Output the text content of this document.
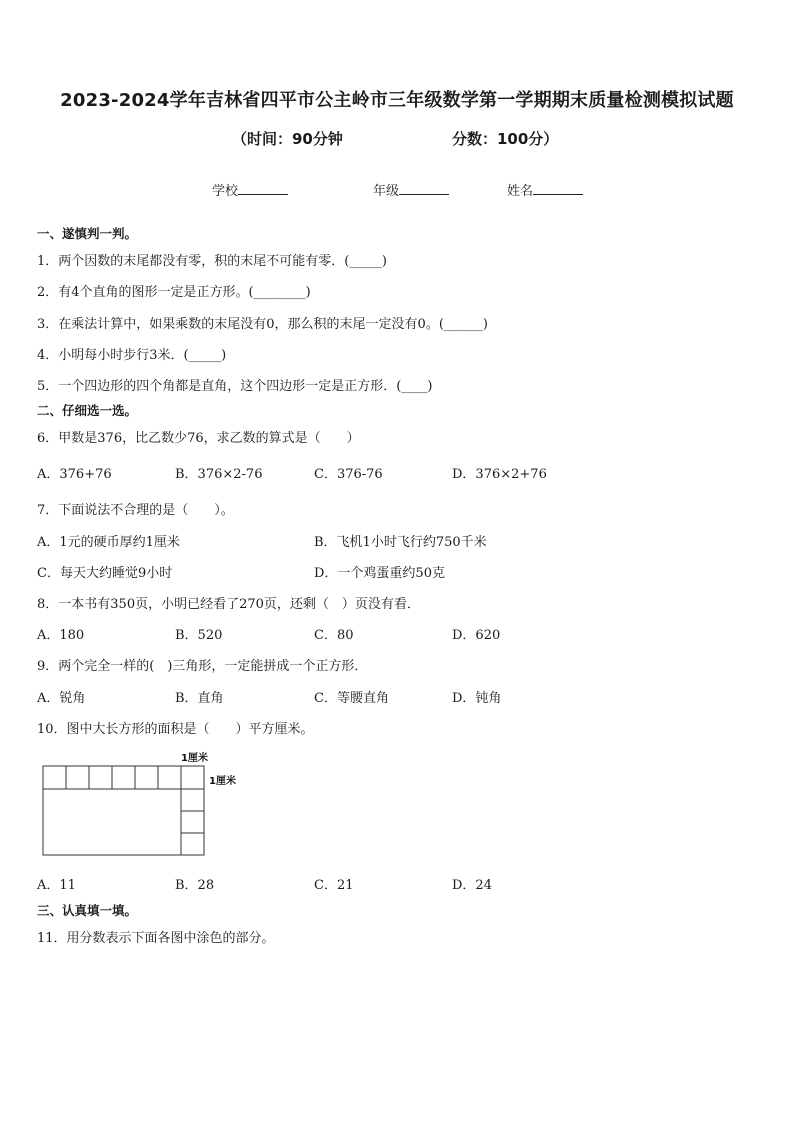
2023-2024学年吉林省四平市公主岭市三年级数学第一学期期末质量检测模拟试题
（时间：90分钟	分数：100分）
学校	年级	姓名
一、遂慎判一判。
1．两个因数的末尾都没有零，积的末尾不可能有零．(_____)
2．有4个直角的图形一定是正方形。(________)
3．在乘法计算中，如果乘数的末尾没有0，那么积的末尾一定没有0。(______)
4．小明每小时步行3米．(_____)
5．一个四边形的四个角都是直角，这个四边形一定是正方形．(____)
二、仔细选一选。
6．甲数是376，比乙数少76，求乙数的算式是（　　）
A．376+76	B．376×2-76	C．376-76	D．376×2+76
7．下面说法不合理的是（　　）。
A．1元的硬币厚约1厘米	B．飞机1小时飞行约750千米
C．每天大约睡觉9小时	D．一个鸡蛋重约50克
8．一本书有350页，小明已经看了270页，还剩（　）页没有看．
A．180	B．520	C．80	D．620
9．两个完全一样的(　)三角形，一定能拼成一个正方形．
A．锐角	B．直角	C．等腰直角	D．钝角
10．图中大长方形的面积是（　　）平方厘米。
1厘米
1厘米
A．11	B．28	C．21	D．24
三、认真填一填。
11．用分数表示下面各图中涂色的部分。
